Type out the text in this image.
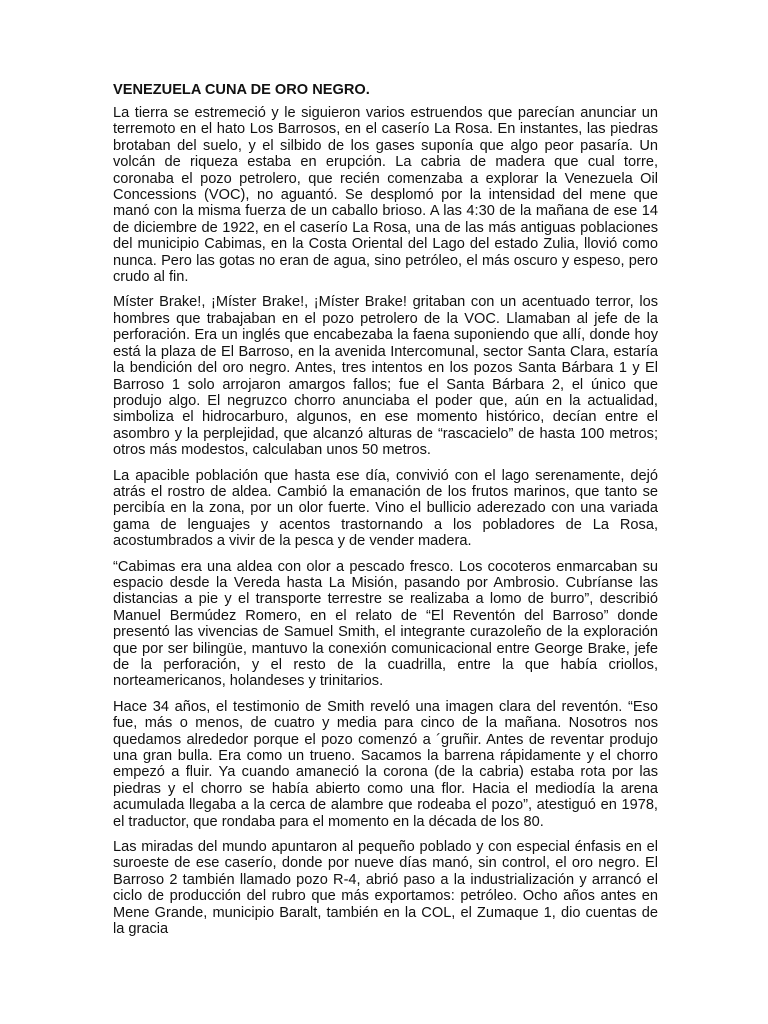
VENEZUELA CUNA DE ORO NEGRO.

La tierra se estremeció y le siguieron varios estruendos que parecían anunciar un terremoto en el hato Los Barrosos, en el caserío La Rosa. En instantes, las piedras brotaban del suelo, y el silbido de los gases suponía que algo peor pasaría. Un volcán de riqueza estaba en erupción. La cabria de madera que cual torre, coronaba el pozo petrolero, que recién comenzaba a explorar la Venezuela Oil Concessions (VOC), no aguantó. Se desplomó por la intensidad del mene que manó con la misma fuerza de un caballo brioso. A las 4:30 de la mañana de ese 14 de diciembre de 1922, en el caserío La Rosa, una de las más antiguas poblaciones del municipio Cabimas, en la Costa Oriental del Lago del estado Zulia, llovió como nunca. Pero las gotas no eran de agua, sino petróleo, el más oscuro y espeso, pero crudo al fin.

Míster Brake!, ¡Míster Brake!, ¡Míster Brake! gritaban con un acentuado terror, los hombres que trabajaban en el pozo petrolero de la VOC. Llamaban al jefe de la perforación. Era un inglés que encabezaba la faena suponiendo que allí, donde hoy está la plaza de El Barroso, en la avenida Intercomunal, sector Santa Clara, estaría la bendición del oro negro. Antes, tres intentos en los pozos Santa Bárbara 1 y El Barroso 1 solo arrojaron amargos fallos; fue el Santa Bárbara 2, el único que produjo algo. El negruzco chorro anunciaba el poder que, aún en la actualidad, simboliza el hidrocarburo, algunos, en ese momento histórico, decían entre el asombro y la perplejidad, que alcanzó alturas de “rascacielo” de hasta 100 metros; otros más modestos, calculaban unos 50 metros.

La apacible población que hasta ese día, convivió con el lago serenamente, dejó atrás el rostro de aldea. Cambió la emanación de los frutos marinos, que tanto se percibía en la zona, por un olor fuerte. Vino el bullicio aderezado con una variada gama de lenguajes y acentos trastornando a los pobladores de La Rosa, acostumbrados a vivir de la pesca y de vender madera.

“Cabimas era una aldea con olor a pescado fresco. Los cocoteros enmarcaban su espacio desde la Vereda hasta La Misión, pasando por Ambrosio. Cubríanse las distancias a pie y el transporte terrestre se realizaba a lomo de burro”, describió Manuel Bermúdez Romero, en el relato de “El Reventón del Barroso” donde presentó las vivencias de Samuel Smith, el integrante curazoleño de la exploración que por ser bilingüe, mantuvo la conexión comunicacional entre George Brake, jefe de la perforación, y el resto de la cuadrilla, entre la que había criollos, norteamericanos, holandeses y trinitarios.

Hace 34 años, el testimonio de Smith reveló una imagen clara del reventón. “Eso fue, más o menos, de cuatro y media para cinco de la mañana. Nosotros nos quedamos alrededor porque el pozo comenzó a ´gruñir. Antes de reventar produjo una gran bulla. Era como un trueno. Sacamos la barrena rápidamente y el chorro empezó a fluir. Ya cuando amaneció la corona (de la cabria) estaba rota por las piedras y el chorro se había abierto como una flor. Hacia el mediodía la arena acumulada llegaba a la cerca de alambre que rodeaba el pozo”, atestiguó en 1978, el traductor, que rondaba para el momento en la década de los 80.

Las miradas del mundo apuntaron al pequeño poblado y con especial énfasis en el suroeste de ese caserío, donde por nueve días manó, sin control, el oro negro. El Barroso 2 también llamado pozo R-4, abrió paso a la industrialización y arrancó el ciclo de producción del rubro que más exportamos: petróleo. Ocho años antes en Mene Grande, municipio Baralt, también en la COL, el Zumaque 1, dio cuentas de la gracia
